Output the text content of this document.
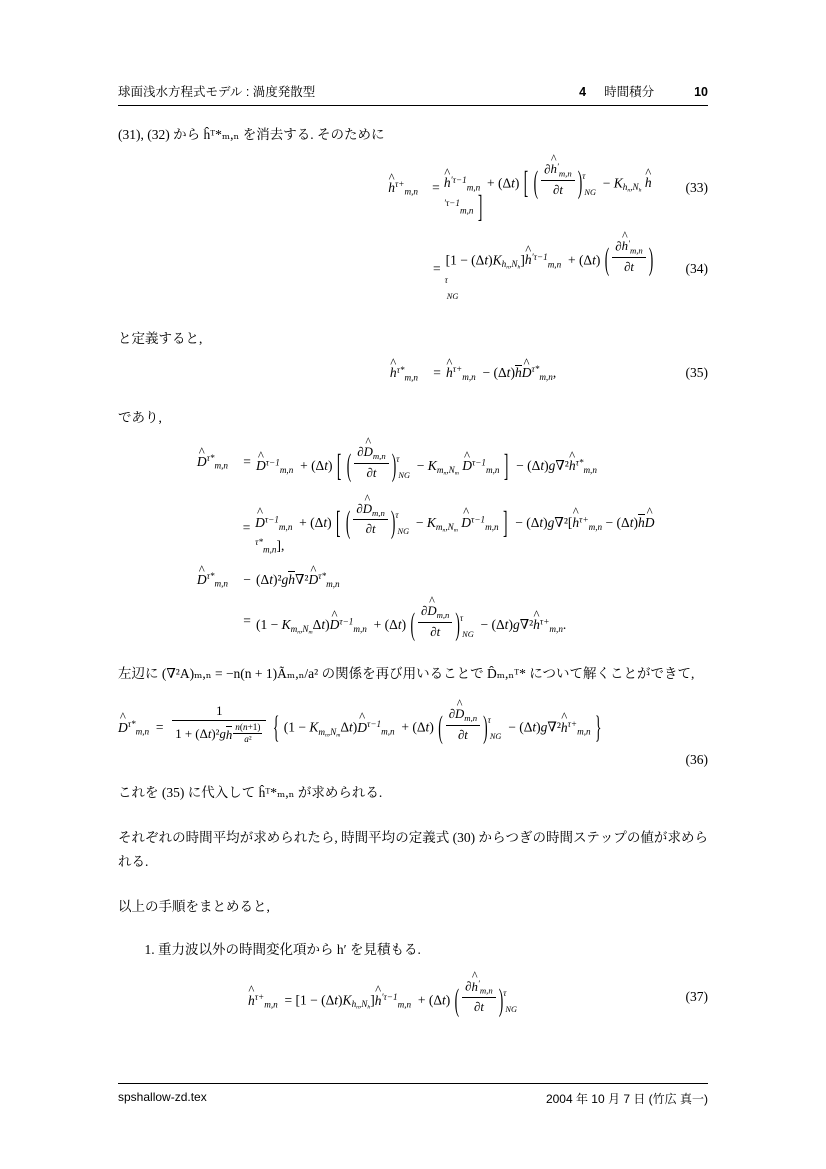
球面浅水方程式モデル : 渦度発散型	4 時間積分	10
(31), (32) から ĥᵀ*ₘ,ₙ を消去する. そのために
^ $h^{\tau+}_{m,n}$	= ^ $h^{'\tau-1}_{m,n} + (\Delta t)$ [ ( $\frac{\partial\^{} h'_{m,n}}{\partial t} )^\tau_{NG} - K_{hn,Nh}$ ^ $h^{'\tau-1}_{m,n}$ ]
(33)
=
$[1 - (\Delta t)K_{hn,Nh}]\^{}$ $h^{'\tau-1}_{m,n} + (\Delta t)$ ( $\frac{\partial\^{} h'_{m,n}}{\partial t} )^\tau_{NG}$
(34)
と定義すると,
^ $h^{\tau*}_{m,n}$	= ^ $h^{\tau+}_{m,n}$  − (Δt)h^ $D^{\tau*}_{m,n}$,	(35)
であり,
^ $D^{\tau*}_{m,n}$	= ^ $D^{\tau-1}_{m,n} + (\Delta t)$ [ ( $\frac{\partial\^{} D_{m,n}}{\partial t} )^\tau_{NG} - K_{mn,Nm}$ ^ $D^{\tau-1}_{m,n}$ ]  − (Δt)g∇²^ $h^{\tau*}_{m,n}$
= ^ $D^{\tau-1}_{m,n} + (\Delta t)$ [ ( $\frac{\partial\^{} D_{m,n}}{\partial t} )^\tau_{NG} - K_{mn,Nm}$ ^ $D^{\tau-1}_{m,n}$ ]  − (Δt)g∇²[^ $h^{\tau+}_{m,n}$ − (Δt)h^ $D^{\tau*}_{m,n}$],
^ $D^{\tau*}_{m,n}$	− (Δt)²gh∇²^ $D^{\tau*}_{m,n}$
= $(1 - K_{mn,Nm}\Delta t)\^{}$ $D^{\tau-1}_{m,n} + (\Delta t)$ ( $\frac{\partial\^{} D_{m,n}}{\partial t} )^\tau_{NG}$  − (Δt)g∇²^ $h^{\tau+}_{m,n}$.
左辺に (∇²A)ₘ,ₙ = −n(n + 1)Ãₘ,ₙ/a² の関係を再び用いることで D̂ₘ,ₙᵀ* について解くことができて,
^ $D^{\tau*}_{m,n} = \frac{1}{1 + (\Delta t)^2gh \frac{n(n+1)}{\text{a²}}}$ { $(1 - K_{mn,Nm}\Delta t)\^{}$ $D^{\tau-1}_{m,n} + (\Delta t)$ ( $\frac{\partial\^{} D_{m,n}}{\partial t} )^\tau_{NG}$  − (Δt)g∇²^ $h^{\tau+}_{m,n}$ }
(36)
これを (35) に代入して ĥᵀ*ₘ,ₙ が求められる.
それぞれの時間平均が求められたら, 時間平均の定義式 (30) からつぎの時間ステップの値が求められる.
以上の手順をまとめると,
1. 重力波以外の時間変化項から h′ を見積もる.
^ $h^{\tau+}_{m,n} = [1$ − $(\Delta t)K_{hn,Nh}]\^{}$ $h^{'\tau-1}_{m,n} + (\Delta t)$ ( $\frac{\partial\^{} h'_{m,n}}{\partial t} )^\tau_{NG}$
(37)
spshallow-zd.tex	2004 年 10 月 7 日 (竹広 真一)
